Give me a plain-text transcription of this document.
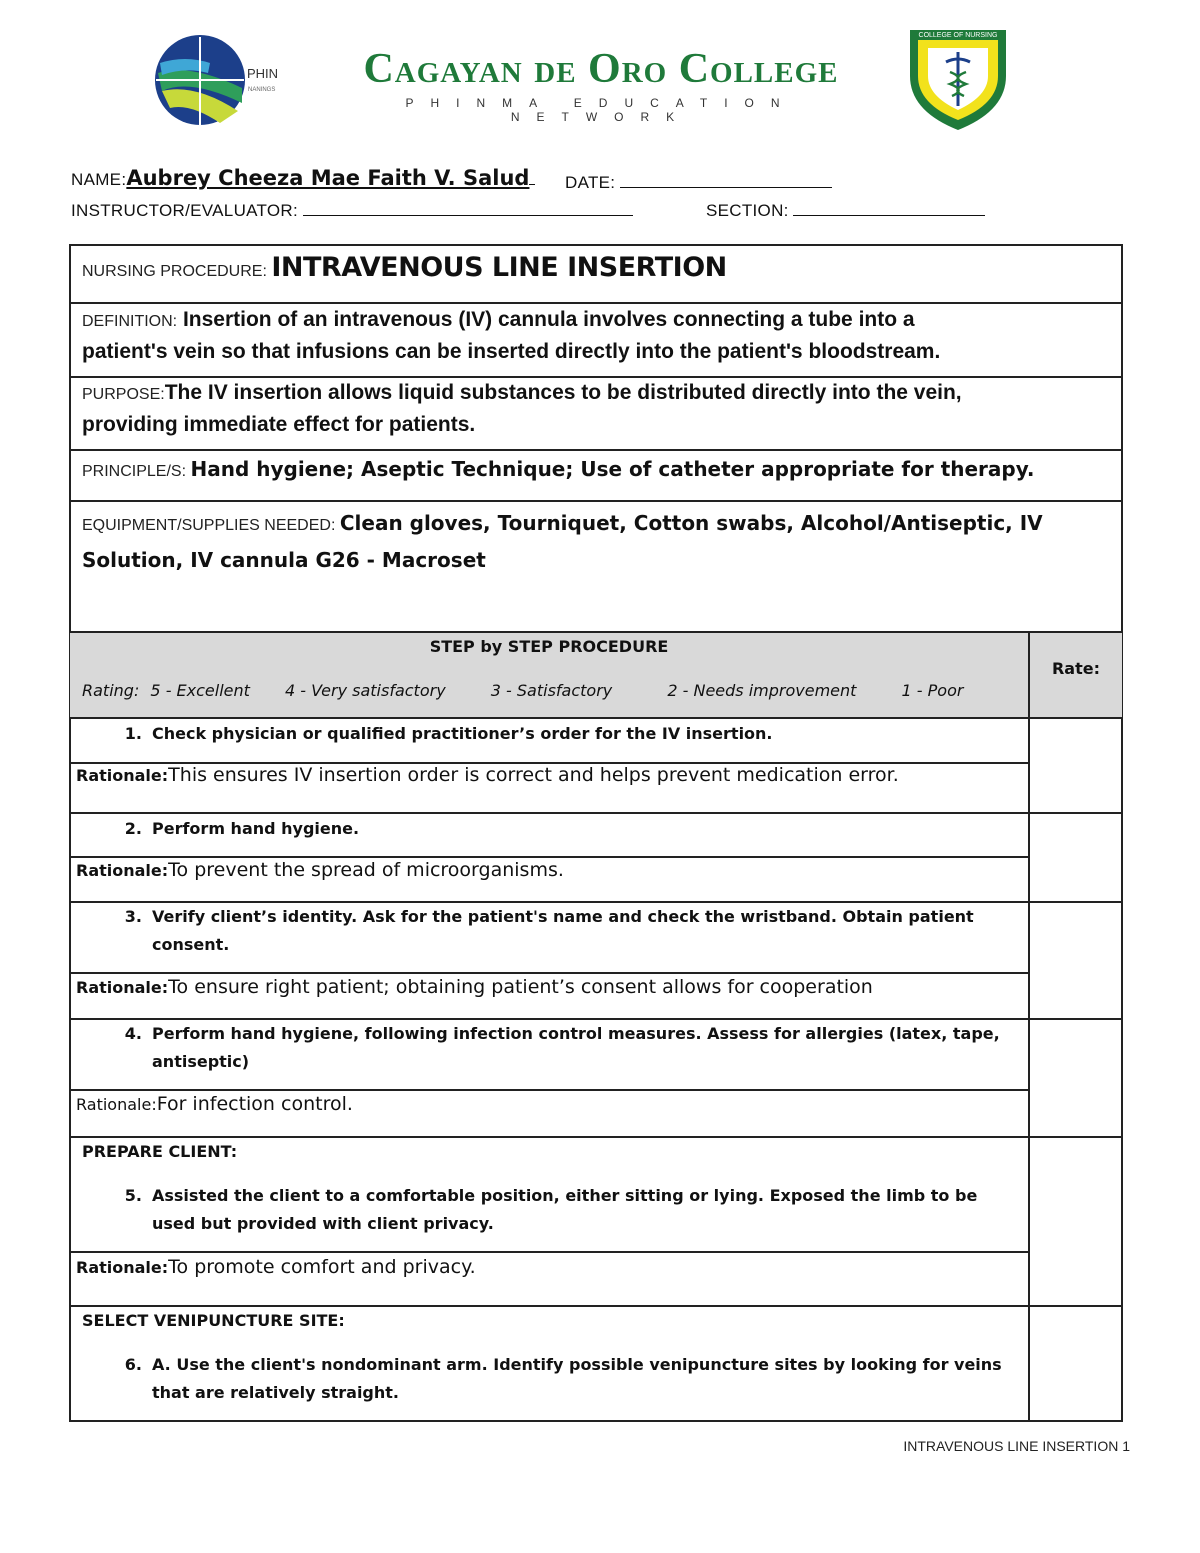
PHIN
NANINGS Cagayan de Oro College
PHINMA EDUCATION NETWORK
COLLEGE OF NURSING
NAME:Aubrey Cheeza Mae Faith V. Salud	DATE:
INSTRUCTOR/EVALUATOR:	SECTION:
NURSING PROCEDURE: INTRAVENOUS LINE INSERTION
DEFINITION: Insertion of an intravenous (IV) cannula involves connecting a tube into a
patient's vein so that infusions can be inserted directly into the patient's bloodstream.
PURPOSE:The IV insertion allows liquid substances to be distributed directly into the vein,
providing immediate effect for patients.
PRINCIPLE/S: Hand hygiene; Aseptic Technique; Use of catheter appropriate for therapy.
EQUIPMENT/SUPPLIES NEEDED: Clean gloves, Tourniquet, Cotton swabs, Alcohol/Antiseptic, IV
Solution, IV cannula G26 - Macroset
STEP by STEP PROCEDURE
Rating: 5 - Excellent 4 - Very satisfactory	3 - Satisfactory	2 - Needs improvement	1 - Poor
Rate:
1. Check physician or qualified practitioner’s order for the IV insertion.
Rationale:This ensures IV insertion order is correct and helps prevent medication error.
2. Perform hand hygiene.
Rationale:To prevent the spread of microorganisms.
3. Verify client’s identity. Ask for the patient's name and check the wristband. Obtain patient consent.
Rationale:To ensure right patient; obtaining patient’s consent allows for cooperation
4. Perform hand hygiene, following infection control measures. Assess for allergies (latex, tape, antiseptic)
Rationale:For infection control.
PREPARE CLIENT:
5. Assisted the client to a comfortable position, either sitting or lying. Exposed the limb to be used but provided with client privacy.
Rationale:To promote comfort and privacy.
SELECT VENIPUNCTURE SITE:
6. A. Use the client's nondominant arm. Identify possible venipuncture sites by looking for veins that are relatively straight.
INTRAVENOUS LINE INSERTION 1
